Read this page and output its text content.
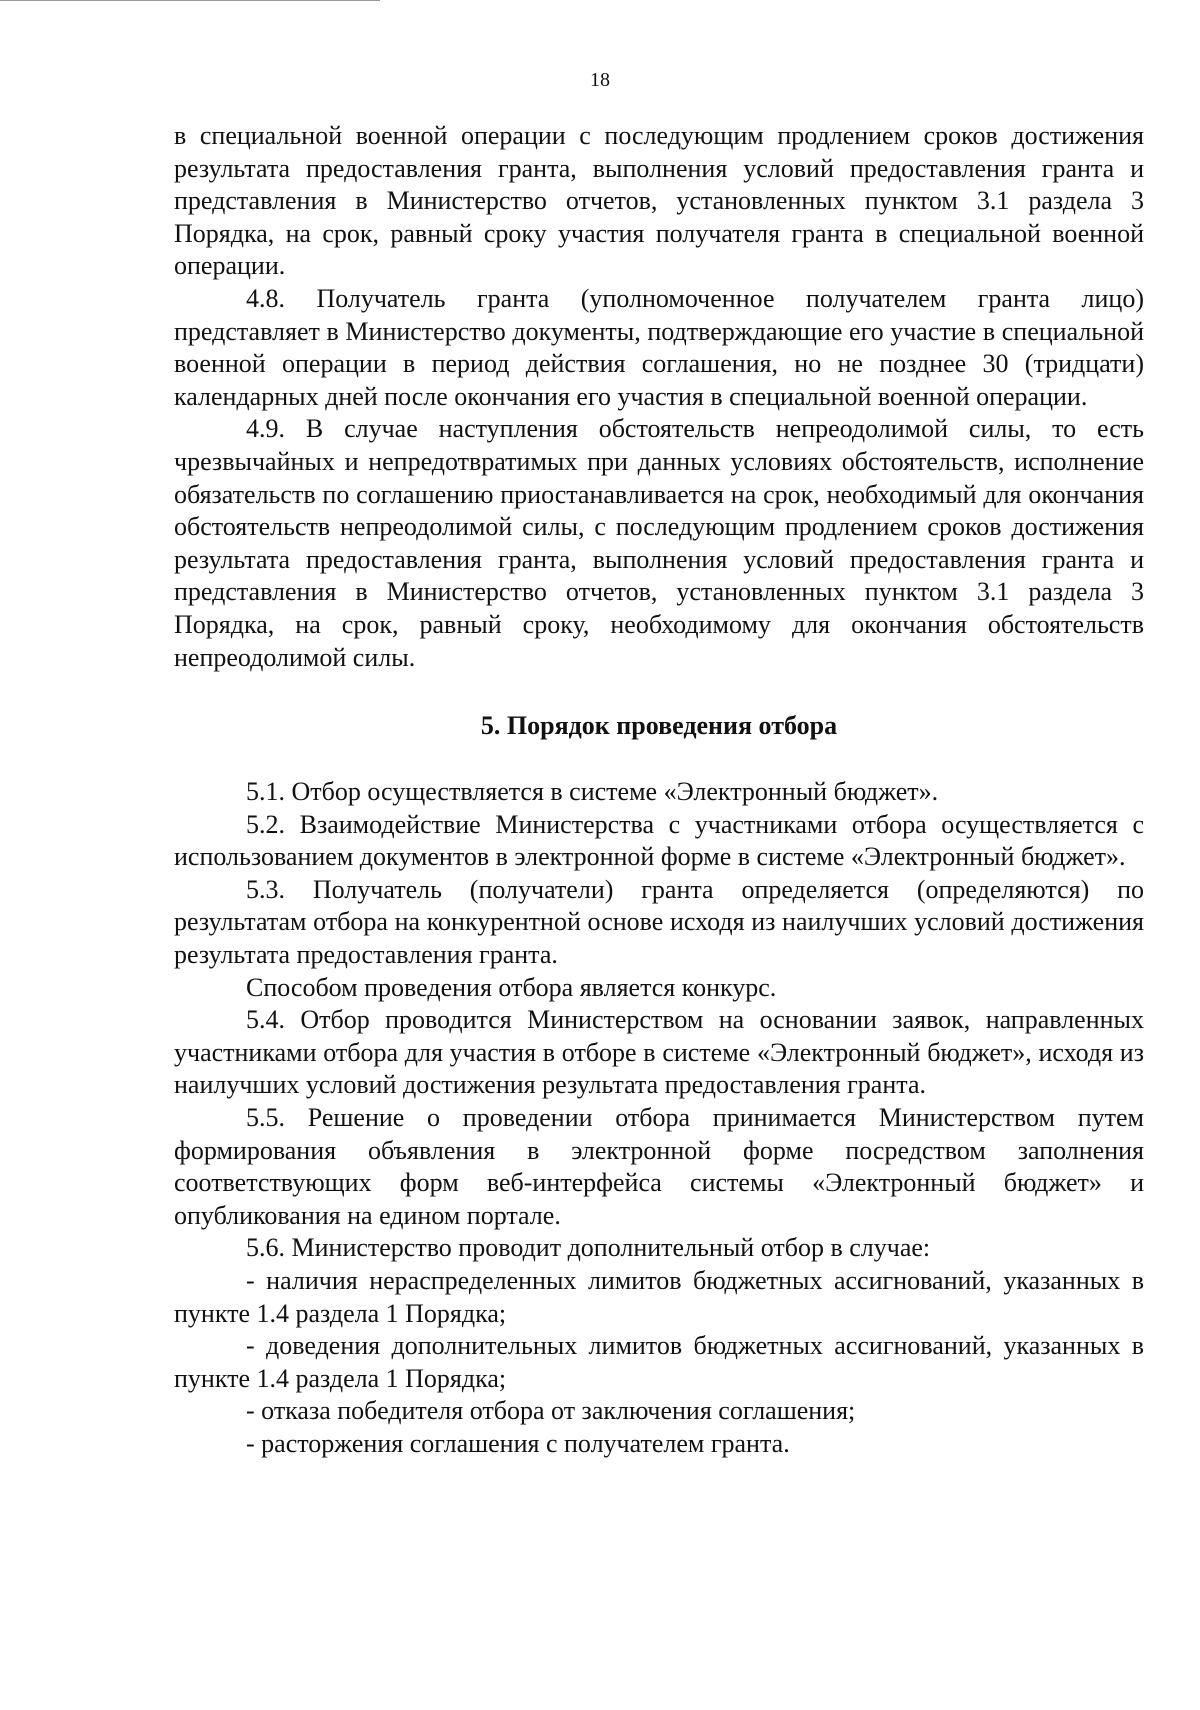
18

в специальной военной операции с последующим продлением сроков достижения результата предоставления гранта, выполнения условий предоставления гранта и представления в Министерство отчетов, установленных пунктом 3.1 раздела 3 Порядка, на срок, равный сроку участия получателя гранта в специальной военной операции.

4.8. Получатель гранта (уполномоченное получателем гранта лицо) представляет в Министерство документы, подтверждающие его участие в специальной военной операции в период действия соглашения, но не позднее 30 (тридцати) календарных дней после окончания его участия в специальной военной операции.

4.9. В случае наступления обстоятельств непреодолимой силы, то есть чрезвычайных и непредотвратимых при данных условиях обстоятельств, исполнение обязательств по соглашению приостанавливается на срок, необходимый для окончания обстоятельств непреодолимой силы, с последующим продлением сроков достижения результата предоставления гранта, выполнения условий предоставления гранта и представления в Министерство отчетов, установленных пунктом 3.1 раздела 3 Порядка, на срок, равный сроку, необходимому для окончания обстоятельств непреодолимой силы.

5. Порядок проведения отбора

5.1. Отбор осуществляется в системе «Электронный бюджет».

5.2. Взаимодействие Министерства с участниками отбора осуществляется с использованием документов в электронной форме в системе «Электронный бюджет».

5.3. Получатель (получатели) гранта определяется (определяются) по результатам отбора на конкурентной основе исходя из наилучших условий достижения результата предоставления гранта.

Способом проведения отбора является конкурс.

5.4. Отбор проводится Министерством на основании заявок, направленных участниками отбора для участия в отборе в системе «Электронный бюджет», исходя из наилучших условий достижения результата предоставления гранта.

5.5. Решение о проведении отбора принимается Министерством путем формирования объявления в электронной форме посредством заполнения соответствующих форм веб-интерфейса системы «Электронный бюджет» и опубликования на едином портале.

5.6. Министерство проводит дополнительный отбор в случае:

- наличия нераспределенных лимитов бюджетных ассигнований, указанных в пункте 1.4 раздела 1 Порядка;

- доведения дополнительных лимитов бюджетных ассигнований, указанных в пункте 1.4 раздела 1 Порядка;

- отказа победителя отбора от заключения соглашения;

- расторжения соглашения с получателем гранта.
